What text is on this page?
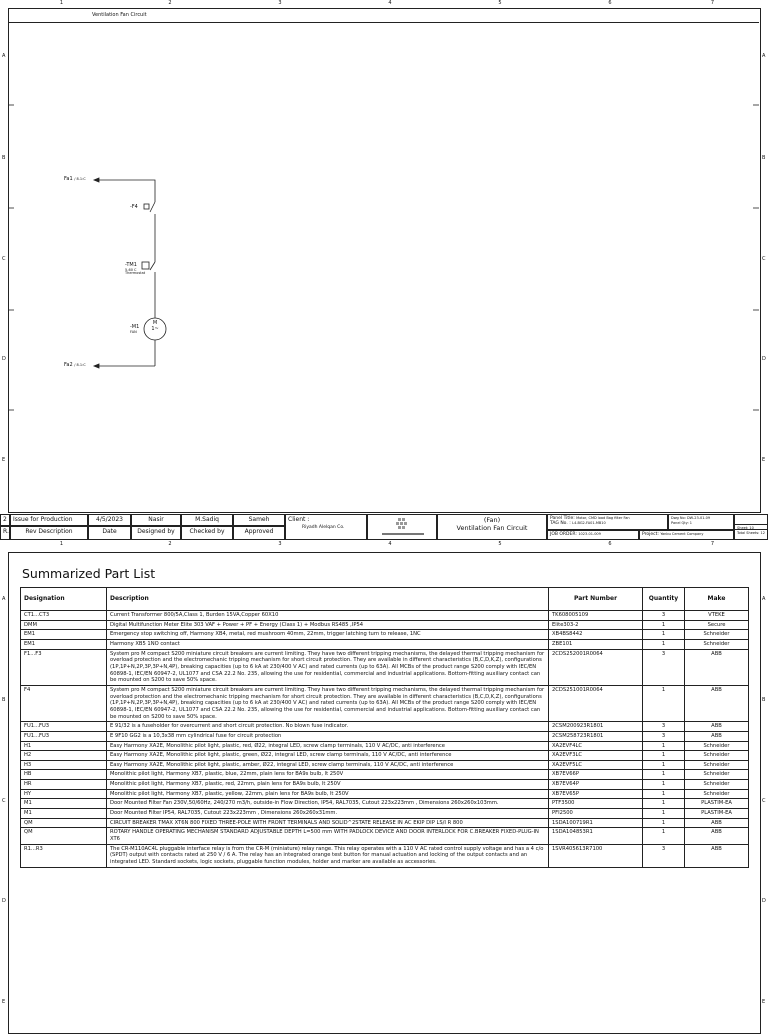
1	2	3	4	5	6	7
Ventilation Fan Circuit
A
B
C
D
E
A
B
C
D
E
Fa1 / 8.1:C
-F4
-TM1
5-60 C
Thermostat
-M1
FAN
M
1~
Fa2 / 8.1:C
2	Issue for Production	4/5/2023	Nasir	M.Sadiq	Sameh
R.	Rev Description	Date	Designed by	Checked by	Approved
Client :
Riyadh Alelqan Co.
(Fan)
Ventilation Fan Circuit
Panel Title: Motor, CMD load Bag filter Fan
TAG No. : L4-BG2-FA01-MB10
Dwg No: DW-23-01-09
Panel Qty: 1
JOB ORDER: 1023-01-009	Project: Yanbu Cement Company
Sheet: 10
Total Sheets: 12
1	2	3	4	5	6	7
A
B
C
D
E
A
B
C
D
E
Summarized Part List
Designation	Description	Part Number	Quantity	Make
CT1...CT3	Current Transformer 800/5A,Class 1, Burden 15VA,Copper 60X10	TK608005109	3	VTEKE
DMM	Digital Multifunction Meter Elite 303 VAF + Power + PF + Energy (Class 1) + Modbus RS485 ,IP54	Elite303-2	1	Secure
EM1	Emergency stop switching off, Harmony XB4, metal, red mushroom 40mm, 22mm, trigger latching turn to release, 1NC	XB4BS8442	1	Schneider
EM1	Harmony XB5 1NO contact	ZBE101	1	Schneider
F1...F3	System pro M compact S200 miniature circuit breakers are current limiting. They have two different tripping mechanisms, the delayed thermal tripping mechanism for overload protection and the electromechanic tripping mechanism for short circuit protection. They are available in different characteristics (B,C,D,K,Z), configurations (1P,1P+N,2P,3P,3P+N,4P), breaking capacities (up to 6 kA at 230/400 V AC) and rated currents (up to 63A). All MCBs of the product range S200 comply with IEC/EN 60898-1, IEC/EN 60947-2, UL1077 and CSA 22.2 No. 235, allowing the use for residential, commercial and industrial applications. Bottom-fitting auxiliary contact can be mounted on S200 to save 50% space.	2CDS252001R0064	3	ABB
F4	System pro M compact S200 miniature circuit breakers are current limiting. They have two different tripping mechanisms, the delayed thermal tripping mechanism for overload protection and the electromechanic tripping mechanism for short circuit protection. They are available in different characteristics (B,C,D,K,Z), configurations (1P,1P+N,2P,3P,3P+N,4P), breaking capacities (up to 6 kA at 230/400 V AC) and rated currents (up to 63A). All MCBs of the product range S200 comply with IEC/EN 60898-1, IEC/EN 60947-2, UL1077 and CSA 22.2 No. 235, allowing the use for residential, commercial and industrial applications. Bottom-fitting auxiliary contact can be mounted on S200 to save 50% space.	2CDS251001R0064	1	ABB
FU1...FU3	E 91/32 is a fuseholder for overcurrent and short circuit protection. No blown fuse indicator.	2CSM200923R1801	3	ABB
FU1...FU3	E 9F10 GG2 is a 10,3x38 mm cylindrical fuse for circuit protection	2CSM258723R1801	3	ABB
H1	Easy Harmony XA2E, Monolithic pilot light, plastic, red, Ø22, integral LED, screw clamp terminals, 110 V AC/DC, anti interference	XA2EVF4LC	1	Schneider
H2	Easy Harmony XA2E, Monolithic pilot light, plastic, green, Ø22, integral LED, screw clamp terminals, 110 V AC/DC, anti interference	XA2EVF3LC	1	Schneider
H3	Easy Harmony XA2E, Monolithic pilot light, plastic, amber, Ø22, integral LED, screw clamp terminals, 110 V AC/DC, anti interference	XA2EVF5LC	1	Schneider
HB	Monolithic pilot light, Harmony XB7, plastic, blue, 22mm, plain lens for BA9s bulb, lt 250V	XB7EV66P	1	Schneider
HR	Monolithic pilot light, Harmony XB7, plastic, red, 22mm, plain lens for BA9s bulb, lt 250V	XB7EV64P	1	Schneider
HY	Monolithic pilot light, Harmony XB7, plastic, yellow, 22mm, plain lens for BA9s bulb, lt 250V	XB7EV65P	1	Schneider
M1	Door Mounted Filter Fan 230V,50/60Hz, 240/270 m3/h, outside-in Flow Direction, IP54, RAL7035, Cutout 223x223mm , Dimensions 260x260x103mm.	PTF3500	1	PLASTIM-EA
M1	Door Mounted Filter IP54, RAL7035, Cutout 223x223mm , Dimensions 260x260x31mm.	PFI2500	1	PLASTIM-EA
QM	CIRCUIT BREAKER TMAX XT6N 800 FIXED THREE-POLE WITH FRONT TERMINALS AND SOLID^2STATE RELEASE IN AC EKIP DIP LS/I R 800	1SDA100719R1	1	ABB
QM	ROTARY HANDLE OPERATING MECHANISM STANDARD ADJUSTABLE DEPTH L=500 mm WITH PADLOCK DEVICE AND DOOR INTERLOCK FOR C.BREAKER FIXED-PLUG-IN XT6	1SDA104853R1	1	ABB
R1...R3	The CR-M110AC4L pluggable interface relay is from the CR-M (miniature) relay range. This relay operates with a 110 V AC rated control supply voltage and has a 4 c/o (SPDT) output with contacts rated at 250 V / 6 A. The relay has an integrated orange test button for manual actuation and locking of the output contacts and an integrated LED. Standard sockets, logic sockets, pluggable function modules, holder and marker are available as accessories.	1SVR405613R7100	3	ABB
